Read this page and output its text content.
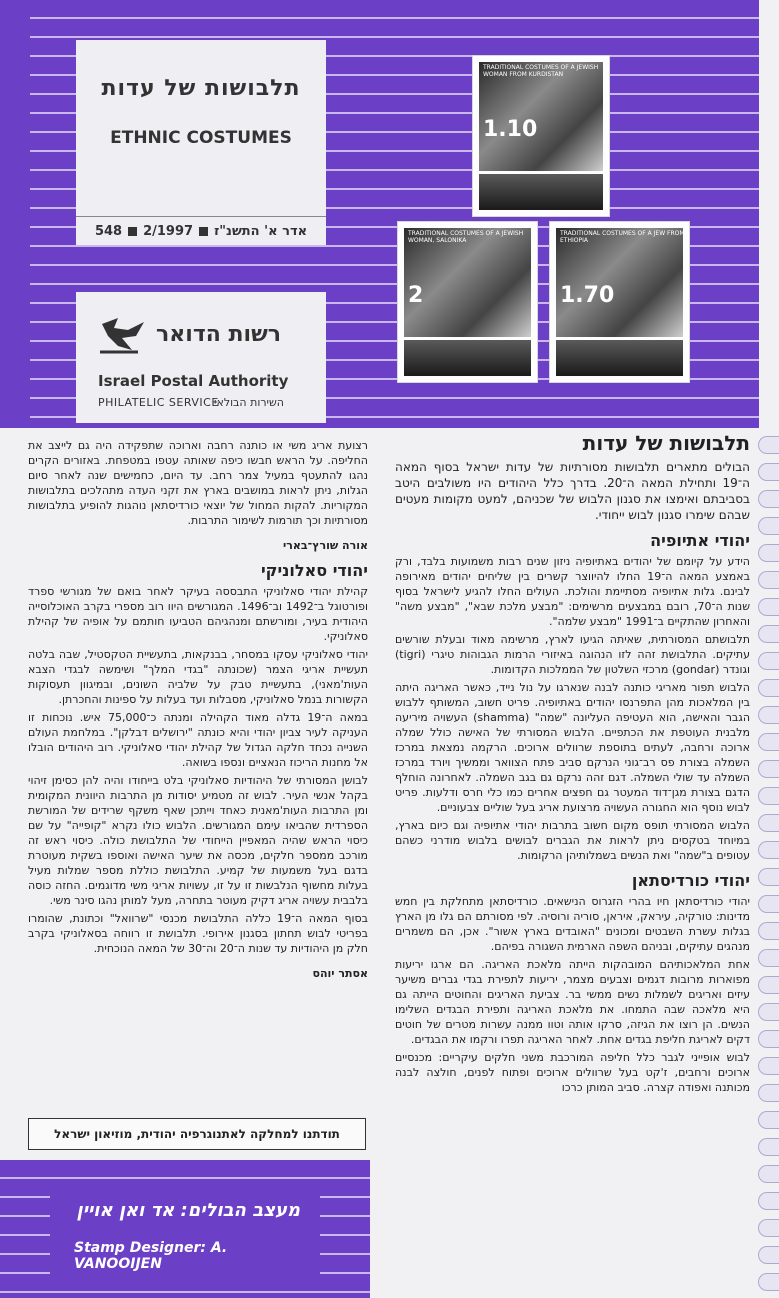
תלבושות של עדות
ETHNIC COSTUMES
אדר א' התשנ"ז
2/1997
548
רשות הדואר
Israel Postal Authority
PHILATELIC SERVICE
השירות הבולאי
TRADITIONAL COSTUMES OF A JEWISH WOMAN FROM KURDISTAN
1.10
TRADITIONAL COSTUMES OF A JEWISH WOMAN, SALONIKA
2
TRADITIONAL COSTUMES OF A JEW FROM ETHIOPIA
1.70
תלבושות של עדות
הבולים מתארים תלבושות מסורתיות של עדות ישראל בסוף המאה ה־19 ותחילת המאה ה־20. בדרך כלל היהודים היו משולבים היטב בסביבתם ואימצו את סגנון הלבוש של שכניהם, למעט מקומות מעטים שבהם שימרו סגנון לבוש ייחודי.
יהודי אתיופיה
הידע על קיומם של יהודים באתיופיה ניזון שנים רבות משמועות בלבד, ורק באמצע המאה ה־19 החלו להיווצר קשרים בין שליחים יהודים מאירופה לבינם. גלות אתיופיה מסתיימת והולכת. העולים החלו להגיע לישראל בסוף שנות ה־70, רובם במבצעים מרשימים: "מבצע מלכת שבא", "מבצע משה" והאחרון שהתקיים ב־1991 "מבצע שלמה".
תלבושתם המסורתית, שאיתה הגיעו לארץ, מרשימה מאוד ובעלת שורשים עתיקים. התלבושת זהה לזו הנהוגה באיזורי הרמות הגבוהות טיגרי (tigri) וגונדר (gondar) מרכזי השלטון של הממלכות הקדומות.
הלבוש תפור מאריגי כותנה לבנה שנארגו על נול נייד, כאשר האריגה היתה בין המלאכות מהן התפרנסו יהודים באתיופיה. פריט חשוב, המשותף ללבוש הגבר והאישה, הוא העטיפה העליונה "שמה" (shamma) העשויה מיריעה מלבנית העוטפת את הכתפיים. הלבוש המסורתי של האישה כולל שמלה ארוכה ורחבה, לעתים בתוספת שרוולים ארוכים. הרקמה נמצאת במרכז השמלה בצורת פס רב־גוני הנרקם סביב פתח הצוואר וממשיך ויורד במרכז השמלה עד שולי השמלה. דגם זהה נרקם גם בגב השמלה. לאחרונה הוחלף הדגם בצורת מגן־דוד המעטר גם חפצים אחרים כמו כלי חרס ודלעות. פריט לבוש נוסף הוא החגורה העשויה מרצועת אריג בעל שוליים צבעוניים.
הלבוש המסורתי תופס מקום חשוב בתרבות יהודי אתיופיה וגם כיום בארץ, במיוחד בטקסים ניתן לראות את הגברים לבושים בלבוש מודרני כשהם עטופים ב"שמה" ואת הנשים בשמלותיהן הרקומות.
יהודי כורדיסתאן
יהודי כורדיסתאן חיו בהרי הזגרוס הנישאים. כורדיסתאן מתחלקת בין חמש מדינות: טורקיה, עיראק, איראן, סוריה ורוסיה. לפי מסורתם הם גלו מן הארץ בגלות עשרת השבטים ומכונים "האובדים בארץ אשור". אכן, הם משמרים מנהגים עתיקים, ובניהם השפה הארמית השגורה בפיהם.
אחת המלאכותיהם המובהקות הייתה מלאכת האריגה. הם ארגו יריעות מפוארות מרובות דגמים וצבעים מצמר, יריעות לתפירת בגדי גברים משיער עיזים ואריגים לשמלות נשים ממשי בר. צביעת האריגים והחוטים הייתה גם היא מלאכה שבה התמחו. את מלאכת האריגה ותפירת הבגדים השלימו הנשים. הן רוצו את הגיזה, סרקו אותה וטוו ממנה עשרות מטרים של חוטים דקים לאריגת חליפת בגדים אחת. לאחר האריגה תפרו ורקמו את הבגדים.
לבוש אופייני לגבר כלל חליפה המורכבת משני חלקים עיקריים: מכנסיים ארוכים ורחבים, ז'קט בעל שרוולים ארוכים ופתוח לפנים, חולצה לבנה מכותנה ואפודה קצרה. סביב המותן כרכו
רצועת אריג משי או כותנה רחבה וארוכה שתפקידה היה גם לייצב את החליפה. על הראש חבשו כיפה שאותה עטפו במטפחת. באזורים הקרים נהגו להתעטף במעיל צמר רחב. עד היום, כחמישים שנה לאחר סיום הגלות, ניתן לראות במושבים בארץ את זקני העדה מתהלכים בתלבושות המקוריות. להקות המחול של יוצאי כורדיסתאן נוהגות להופיע בתלבושות מסורתיות וכך תורמות לשימור התרבות.
אורה שורץ־בארי
יהודי סאלוניקי
קהילת יהודי סאלוניקי התבססה בעיקר לאחר בואם של מגורשי ספרד ופורטוגל ב־1492 וב־1496. המגורשים היוו רוב מספרי בקרב האוכלוסייה היהודית בעיר, ומורשתם ומנהגיהם הטביעו חותמם על אופיה של קהילת סאלוניקי.
יהודי סאלוניקי עסקו במסחר, בבנקאות, בתעשיית הטקסטיל, שבה בלטה תעשיית אריגי הצמר (שכונתה "בגדי המלך" ושימשה לבגדי הצבא העות'מאני), בתעשיית טבק על שלביה השונים, ובמיגוון תעסוקות הקשורות בנמל סאלוניקי, מסבלות ועד בעלות על ספינות והחכרתן.
במאה ה־19 גדלה מאוד הקהילה ומנתה כ־75,000 איש. נוכחות זו העניקה לעיר צביון יהודי והיא כונתה "ירושלים דבלקן". במלחמת העולם השנייה נכחד חלקה הגדול של קהילת יהודי סאלוניקי. רוב היהודים הובלו אל מחנות הריכוז הנאציים ונספו בשואה.
לבושן המסורתי של היהודיות סאלוניקי בלט בייחודו והיה להן כסימן זיהוי בקהל אנשי העיר. לבוש זה מטמיע יסודות מן התרבות היוונית המקומית ומן התרבות העות'מאנית כאחד וייתכן שאף משקף שרידים של המורשת הספרדית שהביאו עימם המגורשים. הלבוש כולו נקרא "קופייה" על שם כיסוי הראש שהיה המאפיין הייחודי של התלבושת כולה. כיסוי ראש זה מורכב ממספר חלקים, מכסה את שיער האישה ואוספו בשקית מעוטרת בדגם בעל משמעות של קמיע. התלבושת כוללת מספר שמלות מעיל בעלות מחשוף הנלבשות זו על זו, עשויות אריגי משי מדוגמים. החזה כוסה בלבבית עשויה אריג דקיק מעוטר בתחרה, מעל למותן נהגו סינר משי.
בסוף המאה ה־19 כללה התלבושת מכנסי "שרוואל" וכתונת, שהומרו בפריטי לבוש תחתון בסגנון אירופי. תלבושת זו רווחה בסאלוניקי בקרב חלק מן היהודיות עד שנות ה־20 וה־30 של המאה הנוכחית.
אסתר יוהס
תודתנו למחלקה לאתנוגרפיה יהודית, מוזיאון ישראל
מעצב הבולים: אד ואן אויין
Stamp Designer: A. VANOOIJEN
